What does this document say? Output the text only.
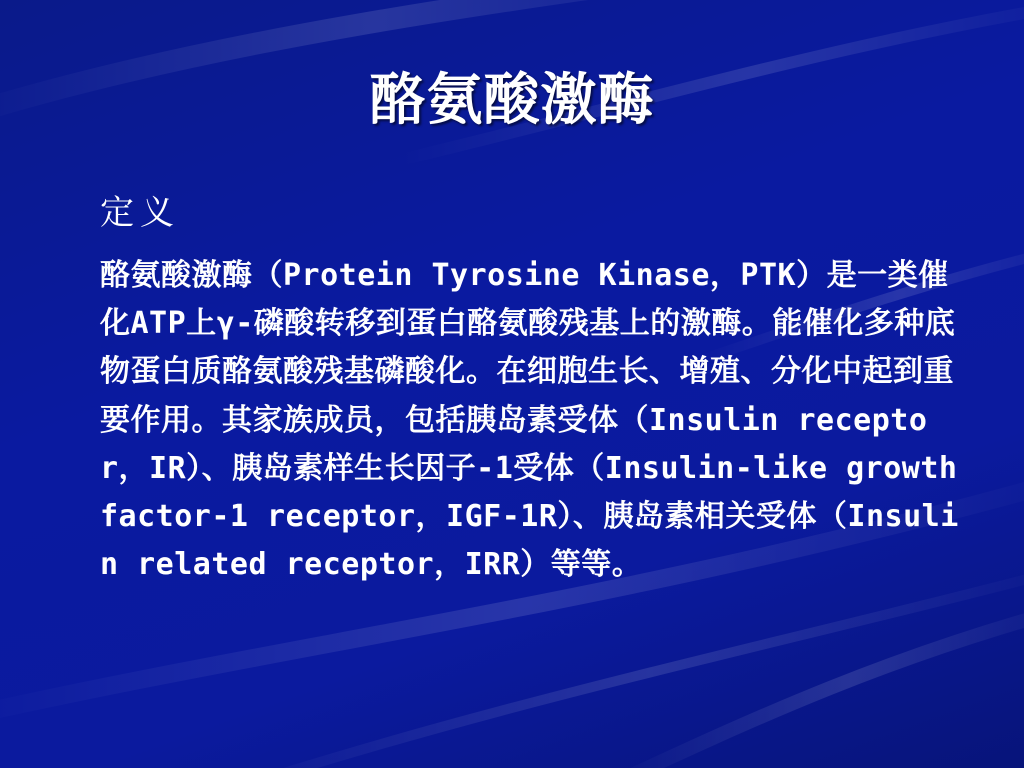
酪氨酸激酶
定义
酪氨酸激酶（Protein Tyrosine Kinase，PTK）是一类催化ATP上γ-磷酸转移到蛋白酪氨酸残基上的激酶。能催化多种底物蛋白质酪氨酸残基磷酸化。在细胞生长、增殖、分化中起到重要作用。其家族成员，包括胰岛素受体（Insulin receptor，IR）、胰岛素样生长因子-1受体（Insulin-like growth factor-1 receptor，IGF-1R）、胰岛素相关受体（Insulin related receptor，IRR）等等。
